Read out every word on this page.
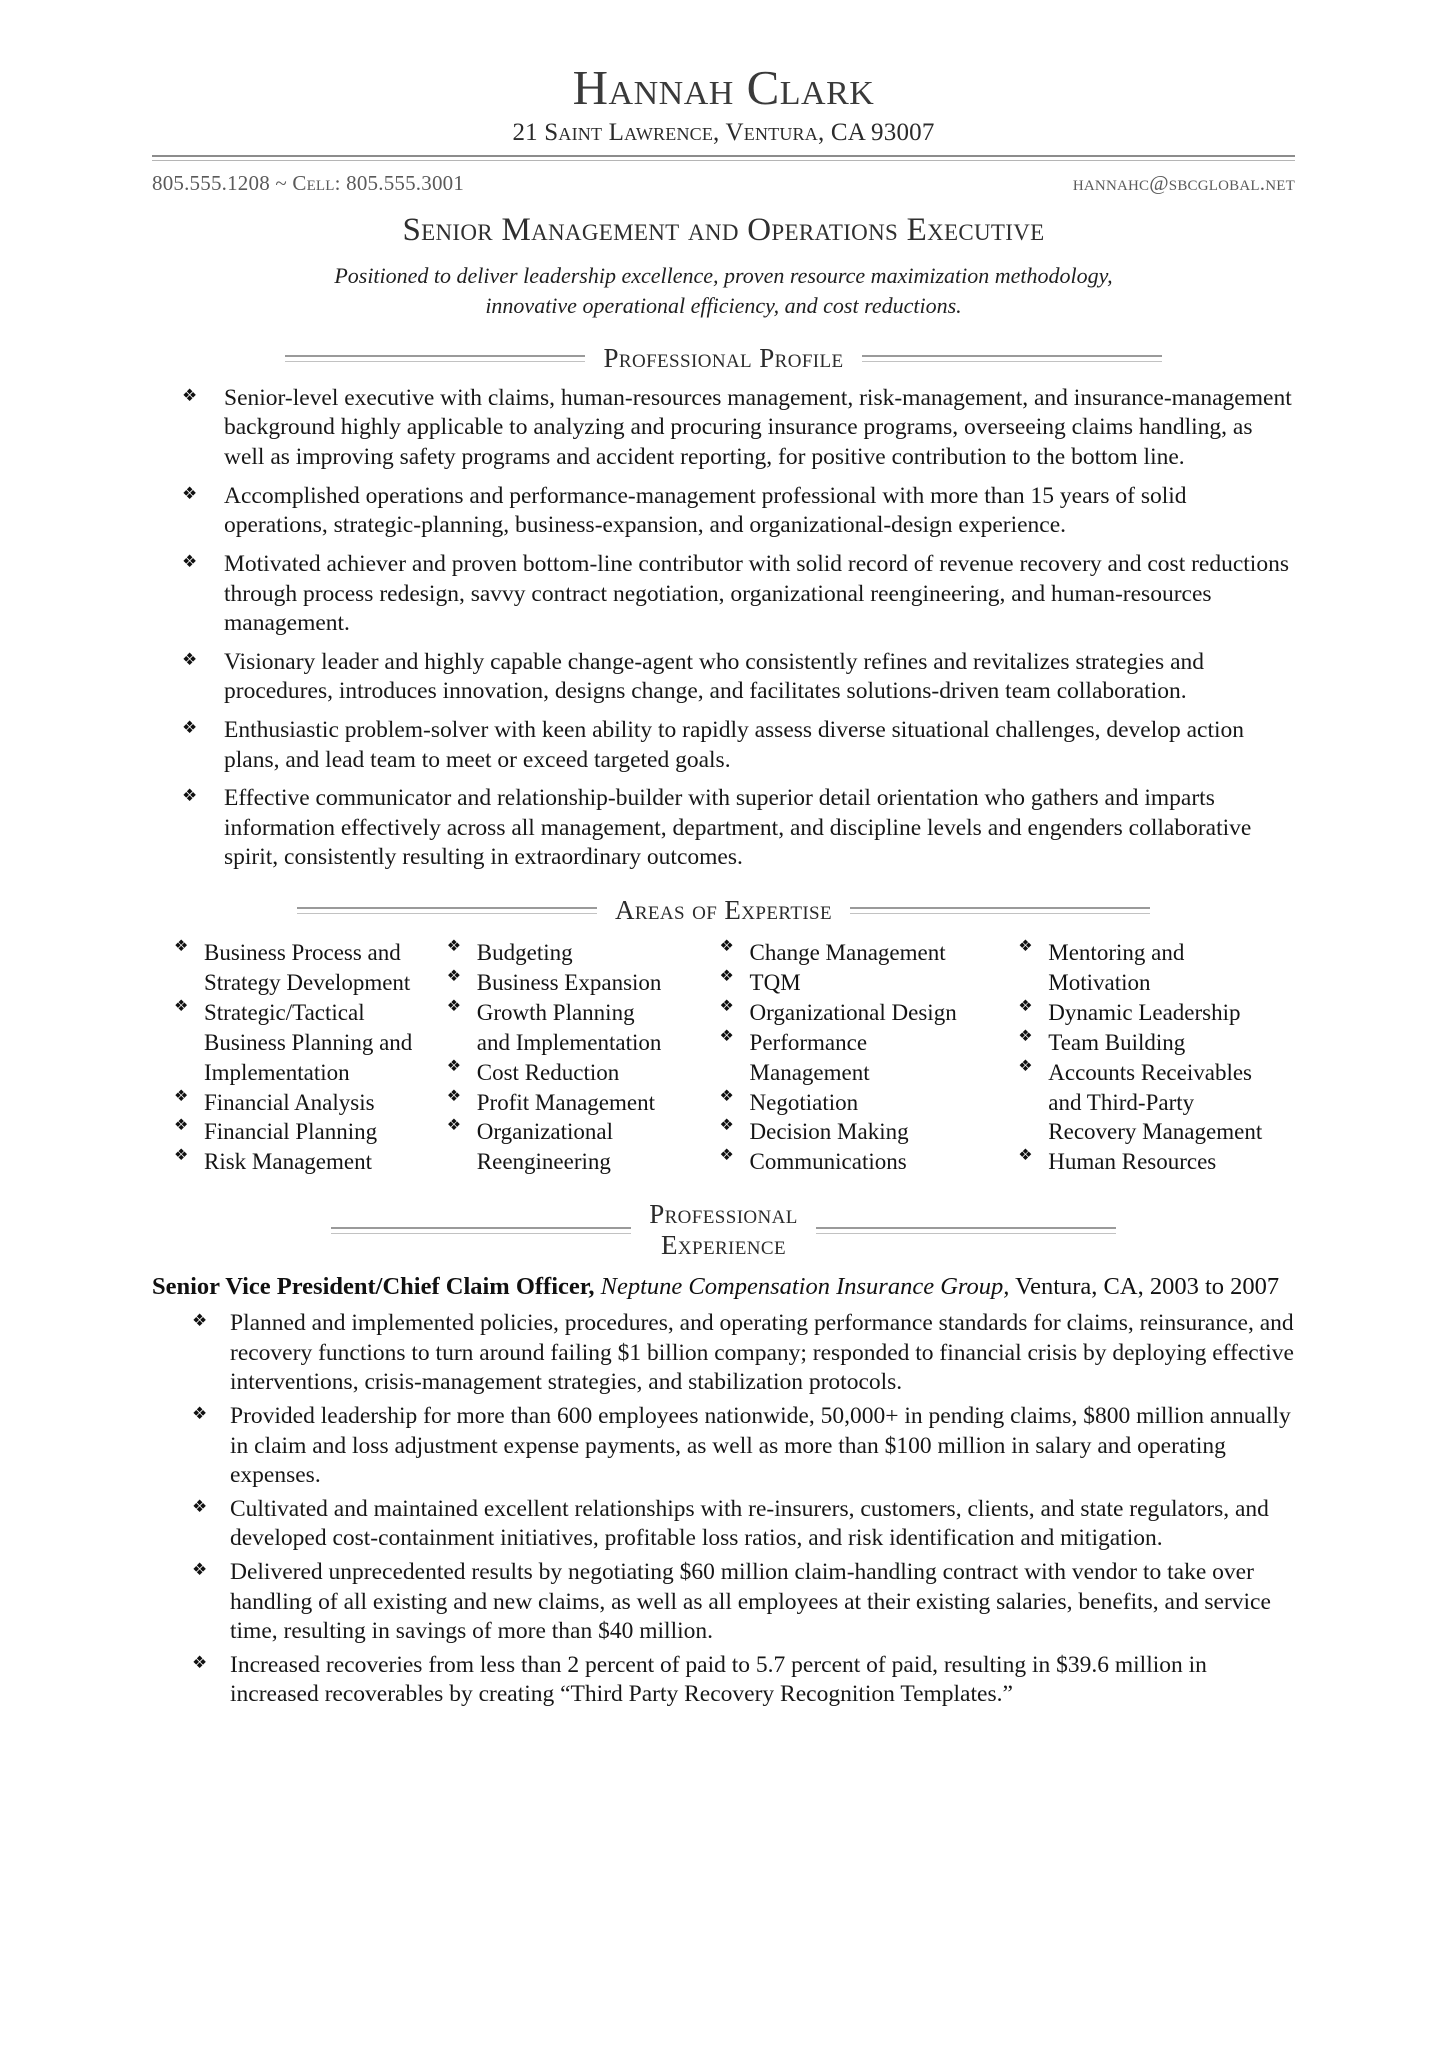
Hannah Clark
21 Saint Lawrence, Ventura, CA 93007
805.555.1208 ~ Cell: 805.555.3001	hannahc@sbcglobal.net
Senior Management and Operations Executive
Positioned to deliver leadership excellence, proven resource maximization methodology,
innovative operational efficiency, and cost reductions.
Professional Profile
❖ Senior-level executive with claims, human-resources management, risk-management, and insurance-management background highly applicable to analyzing and procuring insurance programs, overseeing claims handling, as well as improving safety programs and accident reporting, for positive contribution to the bottom line.
❖ Accomplished operations and performance-management professional with more than 15 years of solid operations, strategic-planning, business-expansion, and organizational-design experience.
❖ Motivated achiever and proven bottom-line contributor with solid record of revenue recovery and cost reductions through process redesign, savvy contract negotiation, organizational reengineering, and human-resources management.
❖ Visionary leader and highly capable change-agent who consistently refines and revitalizes strategies and procedures, introduces innovation, designs change, and facilitates solutions-driven team collaboration.
❖ Enthusiastic problem-solver with keen ability to rapidly assess diverse situational challenges, develop action plans, and lead team to meet or exceed targeted goals.
❖ Effective communicator and relationship-builder with superior detail orientation who gathers and imparts information effectively across all management, department, and discipline levels and engenders collaborative spirit, consistently resulting in extraordinary outcomes.
Areas of Expertise
❖ Business Process and
Strategy Development
❖ Strategic/Tactical
Business Planning and
Implementation
❖ Financial Analysis
❖ Financial Planning
❖ Risk Management
❖ Budgeting
❖ Business Expansion
❖ Growth Planning
and Implementation
❖ Cost Reduction
❖ Profit Management
❖ Organizational
Reengineering
❖ Change Management
❖ TQM
❖ Organizational Design
❖ Performance
Management
❖ Negotiation
❖ Decision Making
❖ Communications
❖ Mentoring and
Motivation
❖ Dynamic Leadership
❖ Team Building
❖ Accounts Receivables
and Third-Party
Recovery Management
❖ Human Resources
Professional
Experience
Senior Vice President/Chief Claim Officer, Neptune Compensation Insurance Group, Ventura, CA, 2003 to 2007
❖ Planned and implemented policies, procedures, and operating performance standards for claims, reinsurance, and recovery functions to turn around failing $1 billion company; responded to financial crisis by deploying effective interventions, crisis-management strategies, and stabilization protocols.
❖ Provided leadership for more than 600 employees nationwide, 50,000+ in pending claims, $800 million annually in claim and loss adjustment expense payments, as well as more than $100 million in salary and operating expenses.
❖ Cultivated and maintained excellent relationships with re-insurers, customers, clients, and state regulators, and developed cost-containment initiatives, profitable loss ratios, and risk identification and mitigation.
❖ Delivered unprecedented results by negotiating $60 million claim-handling contract with vendor to take over handling of all existing and new claims, as well as all employees at their existing salaries, benefits, and service time, resulting in savings of more than $40 million.
❖ Increased recoveries from less than 2 percent of paid to 5.7 percent of paid, resulting in $39.6 million in increased recoverables by creating “Third Party Recovery Recognition Templates.”
